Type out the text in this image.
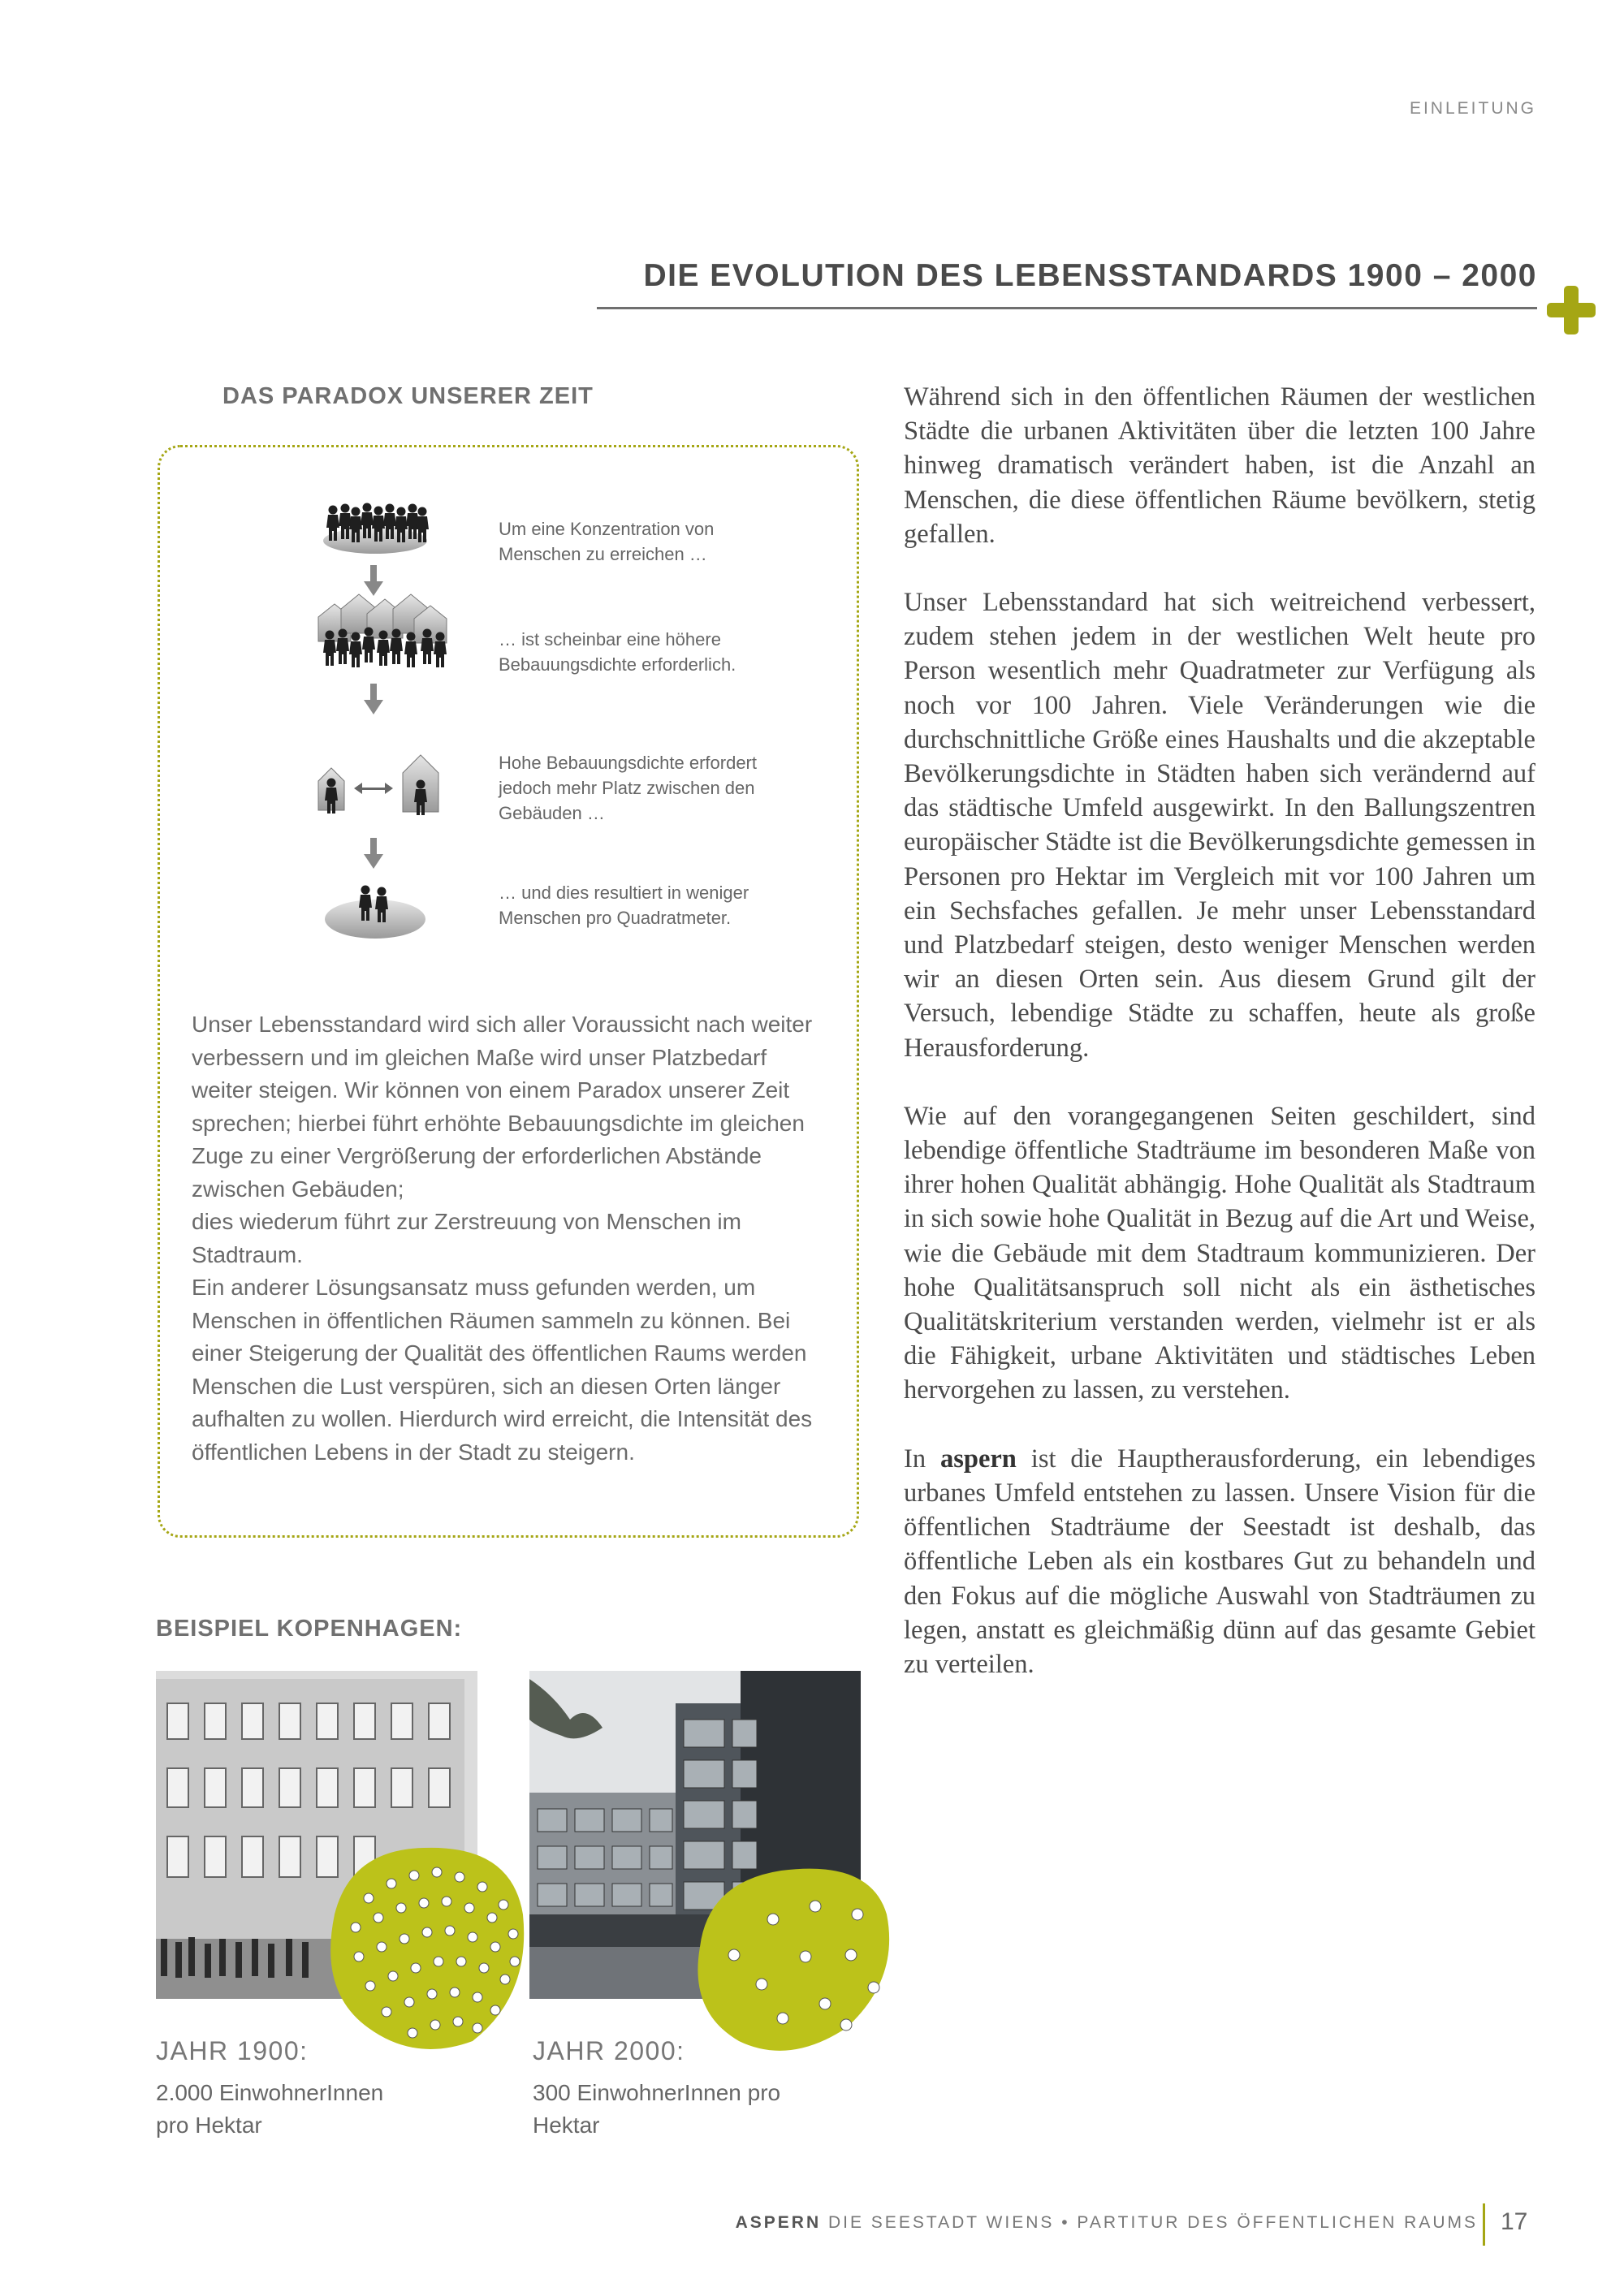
EINLEITUNG
DIE EVOLUTION DES LEBENSSTANDARDS 1900 – 2000
DAS PARADOX UNSERER ZEIT
Um eine Konzentration von Menschen zu erreichen …
… ist scheinbar eine höhere Bebauungsdichte erforderlich.
Hohe Bebauungsdichte erfordert jedoch mehr Platz zwischen den Gebäuden …
… und dies resultiert in weniger Menschen pro Quadratmeter.
Unser Lebensstandard wird sich aller Voraussicht nach weiter verbessern und im gleichen Maße wird unser Platzbedarf weiter steigen. Wir können von einem Paradox unserer Zeit sprechen; hierbei führt erhöhte Bebauungsdichte im gleichen Zuge zu einer Vergrößerung der erforderlichen Abstände zwischen Gebäuden;
dies wiederum führt zur Zerstreuung von Menschen im Stadtraum.
Ein anderer Lösungsansatz muss gefunden werden, um Menschen in öffentlichen Räumen sammeln zu können. Bei einer Steigerung der Qualität des öffentlichen Raums werden Menschen die Lust verspüren, sich an diesen Orten länger aufhalten zu wollen. Hierdurch wird erreicht, die Intensität des öffentlichen Lebens in der Stadt zu steigern.
BEISPIEL KOPENHAGEN:
JAHR 1900:
2.000 EinwohnerInnen pro Hektar
JAHR 2000:
300 EinwohnerInnen pro Hektar

Während sich in den öffentlichen Räumen der westlichen Städte die urbanen Aktivitäten über die letzten 100 Jahre hinweg dramatisch verändert haben, ist die Anzahl an Menschen, die diese öffentlichen Räume bevölkern, stetig gefallen.

Unser Lebensstandard hat sich weitreichend verbessert, zudem stehen jedem in der westlichen Welt heute pro Person wesentlich mehr Quadratmeter zur Verfügung als noch vor 100 Jahren. Viele Veränderungen wie die durchschnittliche Größe eines Haushalts und die akzeptable Bevölkerungsdichte in Städten haben sich verändernd auf das städtische Umfeld ausgewirkt. In den Ballungszentren europäischer Städte ist die Bevölkerungsdichte gemessen in Personen pro Hektar im Vergleich mit vor 100 Jahren um ein Sechsfaches gefallen. Je mehr unser Lebensstandard und Platzbedarf steigen, desto weniger Menschen werden wir an diesen Orten sein. Aus diesem Grund gilt der Versuch, lebendige Städte zu schaffen, heute als große Herausforderung.

Wie auf den vorangegangenen Seiten geschildert, sind lebendige öffentliche Stadträume im besonderen Maße von ihrer hohen Qualität abhängig. Hohe Qualität als Stadtraum in sich sowie hohe Qualität in Bezug auf die Art und Weise, wie die Gebäude mit dem Stadtraum kommunizieren. Der hohe Qualitätsanspruch soll nicht als ein ästhetisches Qualitätskriterium verstanden werden, vielmehr ist er als die Fähigkeit, urbane Aktivitäten und städtisches Leben hervorgehen zu lassen, zu verstehen.

In aspern ist die Hauptherausforderung, ein lebendiges urbanes Umfeld entstehen zu lassen. Unsere Vision für die öffentlichen Stadträume der Seestadt ist deshalb, das öffentliche Leben als ein kostbares Gut zu behandeln und den Fokus auf die mögliche Auswahl von Stadträumen zu legen, anstatt es gleichmäßig dünn auf das gesamte Gebiet zu verteilen.

ASPERN DIE SEESTADT WIENS • PARTITUR DES ÖFFENTLICHEN RAUMS 17
